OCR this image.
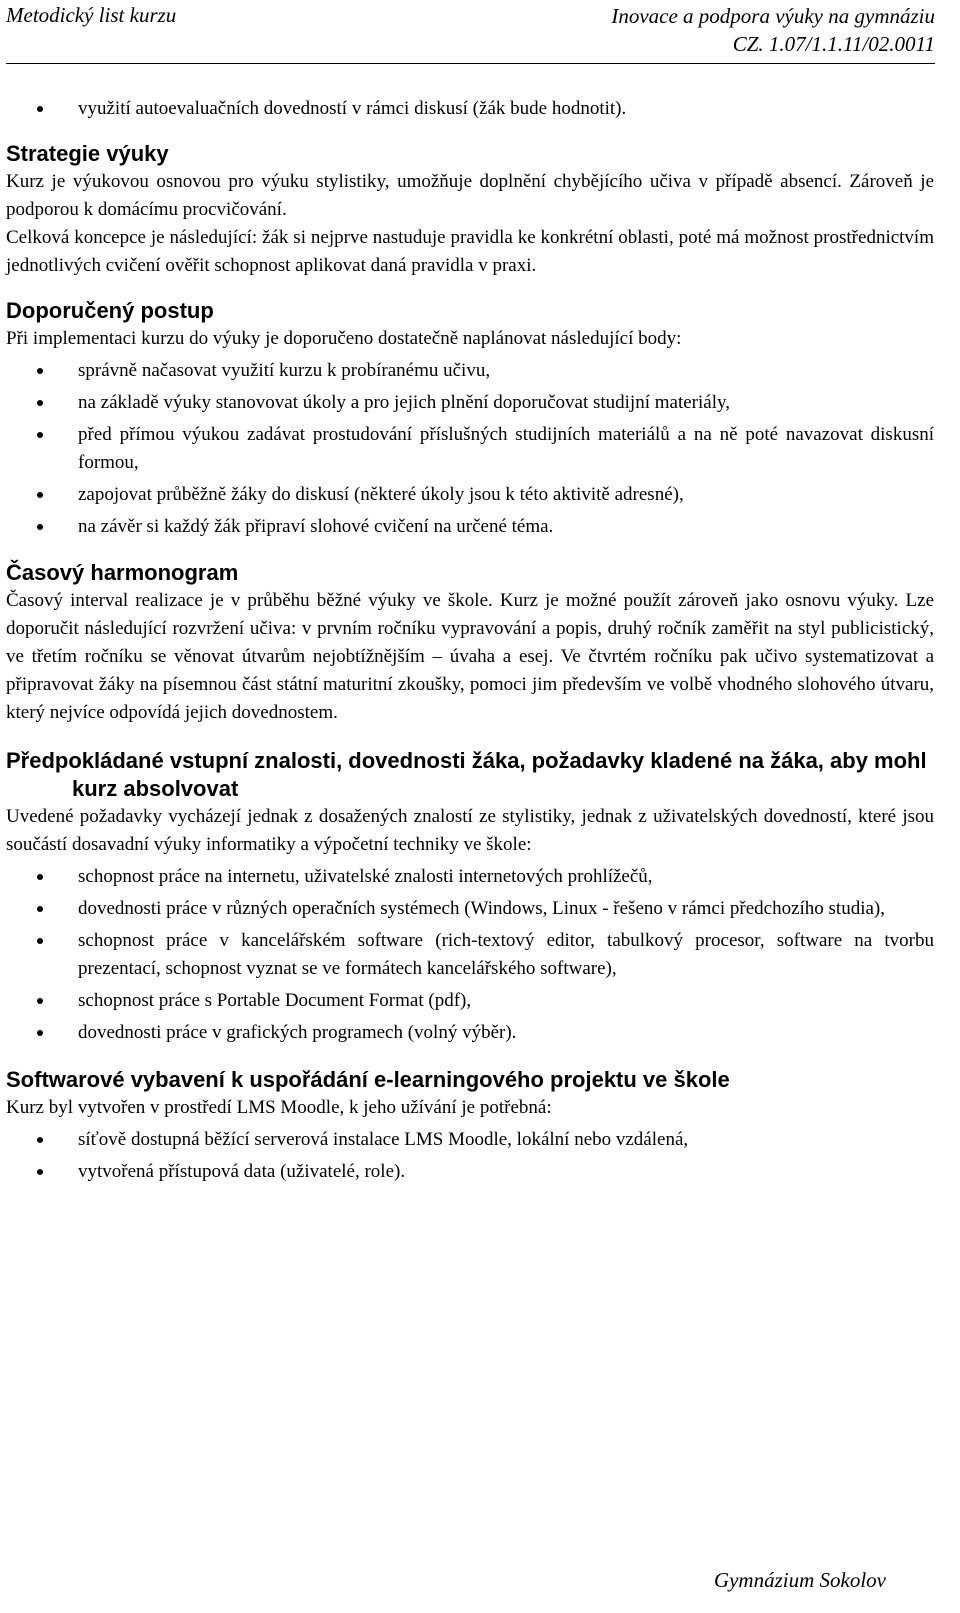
Metodický list kurzu	Inovace a podpora výuky na gymnáziu
CZ. 1.07/1.1.11/02.0011
využití autoevaluačních dovedností v rámci diskusí (žák bude hodnotit).
Strategie výuky

Kurz je výukovou osnovou pro výuku stylistiky, umožňuje doplnění chybějícího učiva v případě absencí. Zároveň je podporou k domácímu procvičování.

Celková koncepce je následující: žák si nejprve nastuduje pravidla ke konkrétní oblasti, poté má možnost prostřednictvím jednotlivých cvičení ověřit schopnost aplikovat daná pravidla v praxi.

Doporučený postup

Při implementaci kurzu do výuky je doporučeno dostatečně naplánovat následující body:

správně načasovat využití kurzu k probíranému učivu,
na základě výuky stanovovat úkoly a pro jejich plnění doporučovat studijní materiály,
před přímou výukou zadávat prostudování příslušných studijních materiálů a na ně poté navazovat diskusní formou,
zapojovat průběžně žáky do diskusí (některé úkoly jsou k této aktivitě adresné),
na závěr si každý žák připraví slohové cvičení na určené téma.
Časový harmonogram

Časový interval realizace je v průběhu běžné výuky ve škole. Kurz je možné použít zároveň jako osnovu výuky. Lze doporučit následující rozvržení učiva: v prvním ročníku vypravování a popis, druhý ročník zaměřit na styl publicistický, ve třetím ročníku se věnovat útvarům nejobtížnějším – úvaha a esej. Ve čtvrtém ročníku pak učivo systematizovat a připravovat žáky na písemnou část státní maturitní zkoušky, pomoci jim především ve volbě vhodného slohového útvaru, který nejvíce odpovídá jejich dovednostem.

Předpokládané vstupní znalosti, dovednosti žáka, požadavky kladené na žáka, aby mohl kurz absolvovat

Uvedené požadavky vycházejí jednak z dosažených znalostí ze stylistiky, jednak z uživatelských dovedností, které jsou součástí dosavadní výuky informatiky a výpočetní techniky ve škole:

schopnost práce na internetu, uživatelské znalosti internetových prohlížečů,
dovednosti práce v různých operačních systémech (Windows, Linux - řešeno v rámci předchozího studia),
schopnost práce v kancelářském software (rich-textový editor, tabulkový procesor, software na tvorbu prezentací, schopnost vyznat se ve formátech kancelářského software),
schopnost práce s Portable Document Format (pdf),
dovednosti práce v grafických programech (volný výběr).
Softwarové vybavení k uspořádání e-learningového projektu ve škole

Kurz byl vytvořen v prostředí LMS Moodle, k jeho užívání je potřebná:

síťově dostupná běžící serverová instalace LMS Moodle, lokální nebo vzdálená,
vytvořená přístupová data (uživatelé, role).
Gymnázium Sokolov
